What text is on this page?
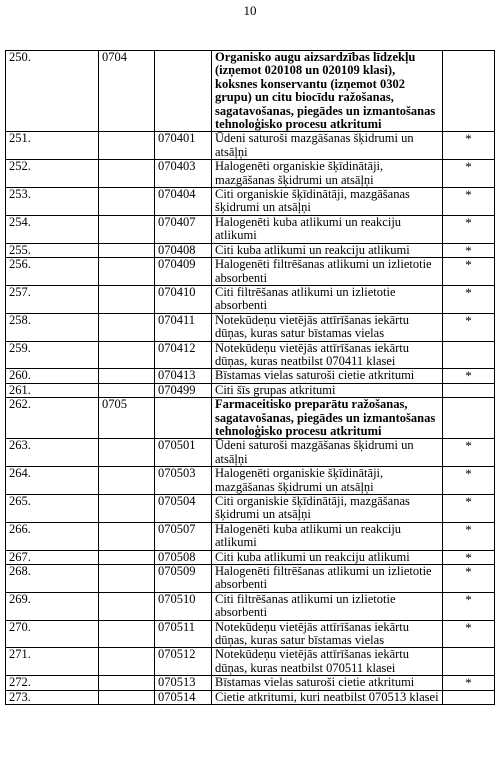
10
250.	0704		Organisko augu aizsardzības līdzekļu (izņemot 020108 un 020109 klasi), koksnes konservantu (izņemot 0302 grupu) un citu biocīdu ražošanas, sagatavošanas, piegādes un izmantošanas tehnoloģisko procesu atkritumi	
251.		070401	Ūdeni saturoši mazgāšanas šķidrumi un atsāļņi	*
252.		070403	Halogenēti organiskie šķīdinātāji, mazgāšanas šķidrumi un atsāļņi	*
253.		070404	Citi organiskie šķīdinātāji, mazgāšanas šķidrumi un atsāļņi	*
254.		070407	Halogenēti kuba atlikumi un reakciju atlikumi	*
255.		070408	Citi kuba atlikumi un reakciju atlikumi	*
256.		070409	Halogenēti filtrēšanas atlikumi un izlietotie absorbenti	*
257.		070410	Citi filtrēšanas atlikumi un izlietotie absorbenti	*
258.		070411	Notekūdeņu vietējās attīrīšanas iekārtu dūņas, kuras satur bīstamas vielas	*
259.		070412	Notekūdeņu vietējās attīrīšanas iekārtu dūņas, kuras neatbilst 070411 klasei	
260.		070413	Bīstamas vielas saturoši cietie atkritumi	*
261.		070499	Citi šīs grupas atkritumi	
262.	0705		Farmaceitisko preparātu ražošanas, sagatavošanas, piegādes un izmantošanas tehnoloģisko procesu atkritumi	
263.		070501	Ūdeni saturoši mazgāšanas šķidrumi un atsāļņi	*
264.		070503	Halogenēti organiskie šķīdinātāji, mazgāšanas šķidrumi un atsāļņi	*
265.		070504	Citi organiskie šķīdinātāji, mazgāšanas šķidrumi un atsāļņi	*
266.		070507	Halogenēti kuba atlikumi un reakciju atlikumi	*
267.		070508	Citi kuba atlikumi un reakciju atlikumi	*
268.		070509	Halogenēti filtrēšanas atlikumi un izlietotie absorbenti	*
269.		070510	Citi filtrēšanas atlikumi un izlietotie absorbenti	*
270.		070511	Notekūdeņu vietējās attīrīšanas iekārtu dūņas, kuras satur bīstamas vielas	*
271.		070512	Notekūdeņu vietējās attīrīšanas iekārtu dūņas, kuras neatbilst 070511 klasei	
272.		070513	Bīstamas vielas saturoši cietie atkritumi	*
273.		070514	Cietie atkritumi, kuri neatbilst 070513 klasei	
